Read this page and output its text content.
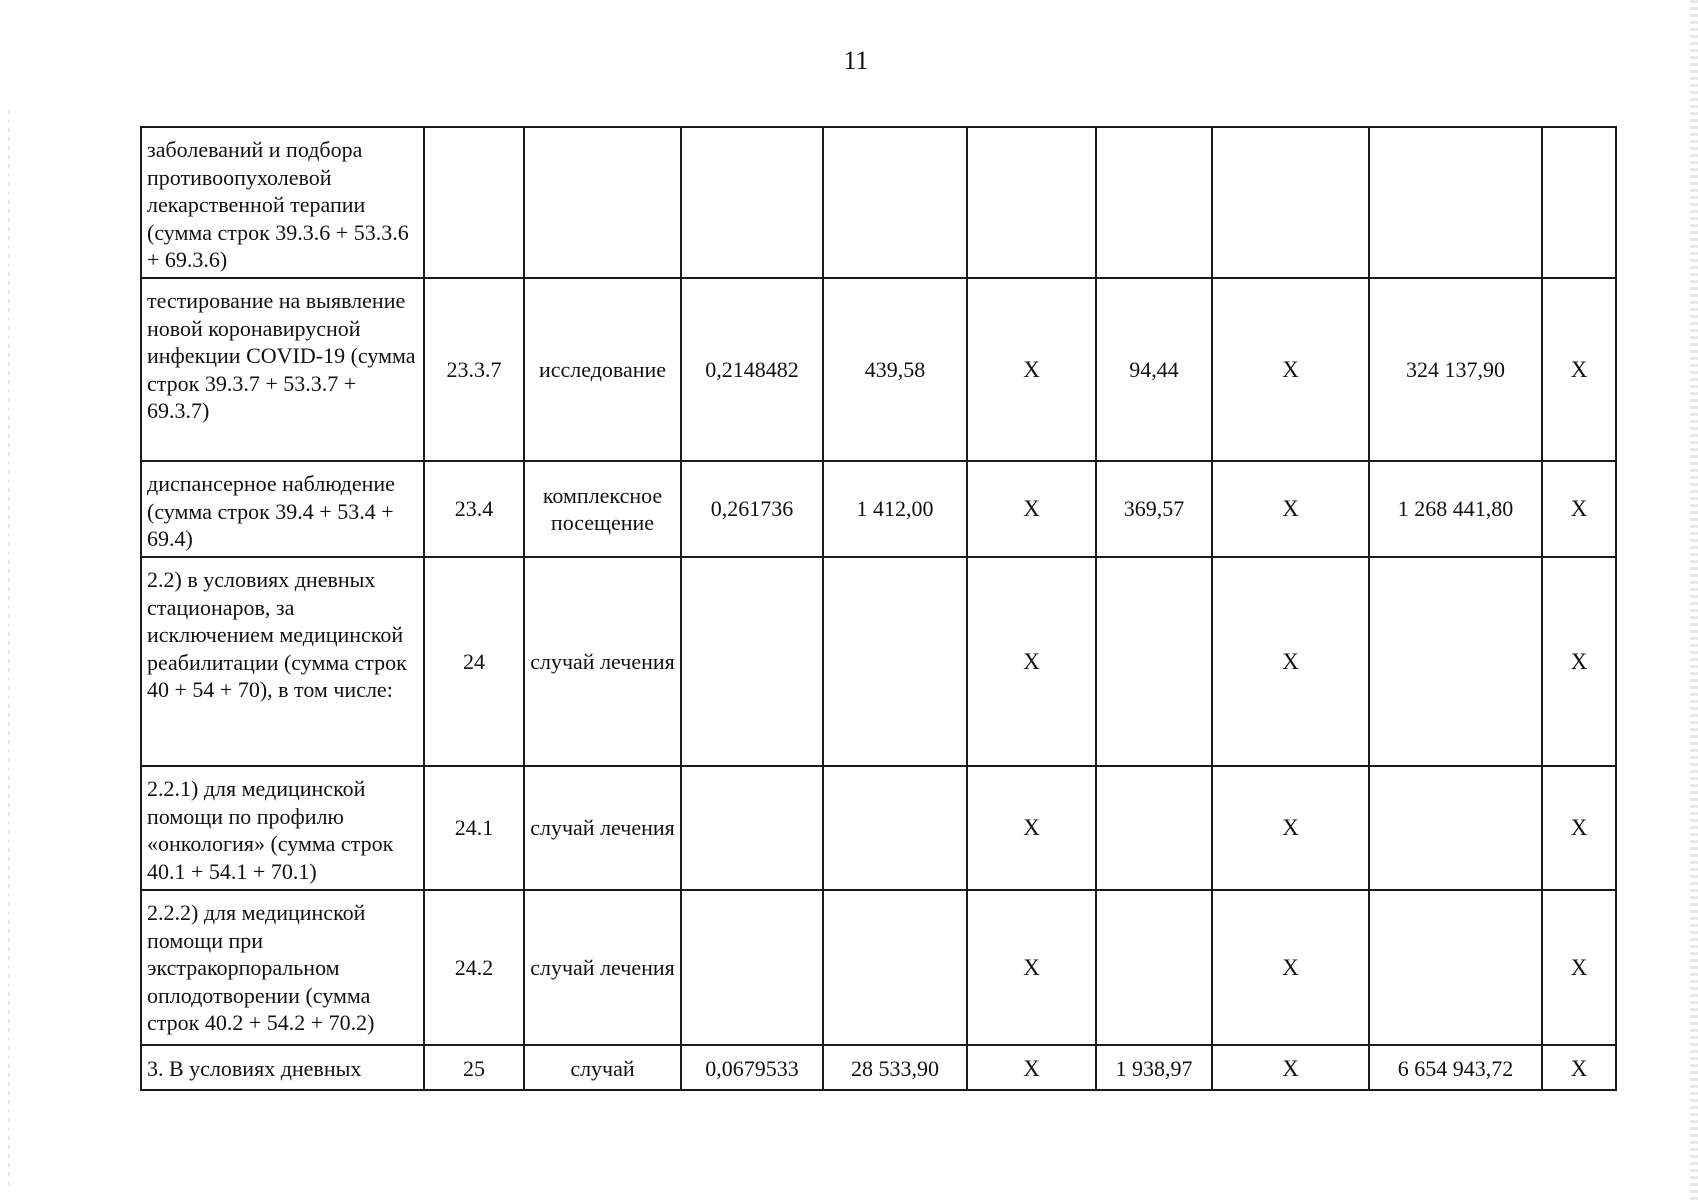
11
заболеваний и подбора противоопухолевой лекарственной терапии (сумма строк 39.3.6 + 53.3.6 + 69.3.6)									
тестирование на выявление новой коронавирусной инфекции COVID-19 (сумма строк 39.3.7 + 53.3.7 + 69.3.7)	23.3.7	исследование	0,2148482	439,58	X	94,44	X	324 137,90	X
диспансерное наблюдение (сумма строк 39.4 + 53.4 + 69.4)	23.4	комплексное посещение	0,261736	1 412,00	X	369,57	X	1 268 441,80	X
2.2) в условиях дневных стационаров, за исключением медицинской реабилитации (сумма строк 40 + 54 + 70), в том числе:	24	случай лечения			X		X		X
2.2.1) для медицинской помощи по профилю «онкология» (сумма строк 40.1 + 54.1 + 70.1)	24.1	случай лечения			X		X		X
2.2.2) для медицинской помощи при экстракорпоральном оплодотворении (сумма строк 40.2 + 54.2 + 70.2)	24.2	случай лечения			X		X		X
3. В условиях дневных	25	случай	0,0679533	28 533,90	X	1 938,97	X	6 654 943,72	X
